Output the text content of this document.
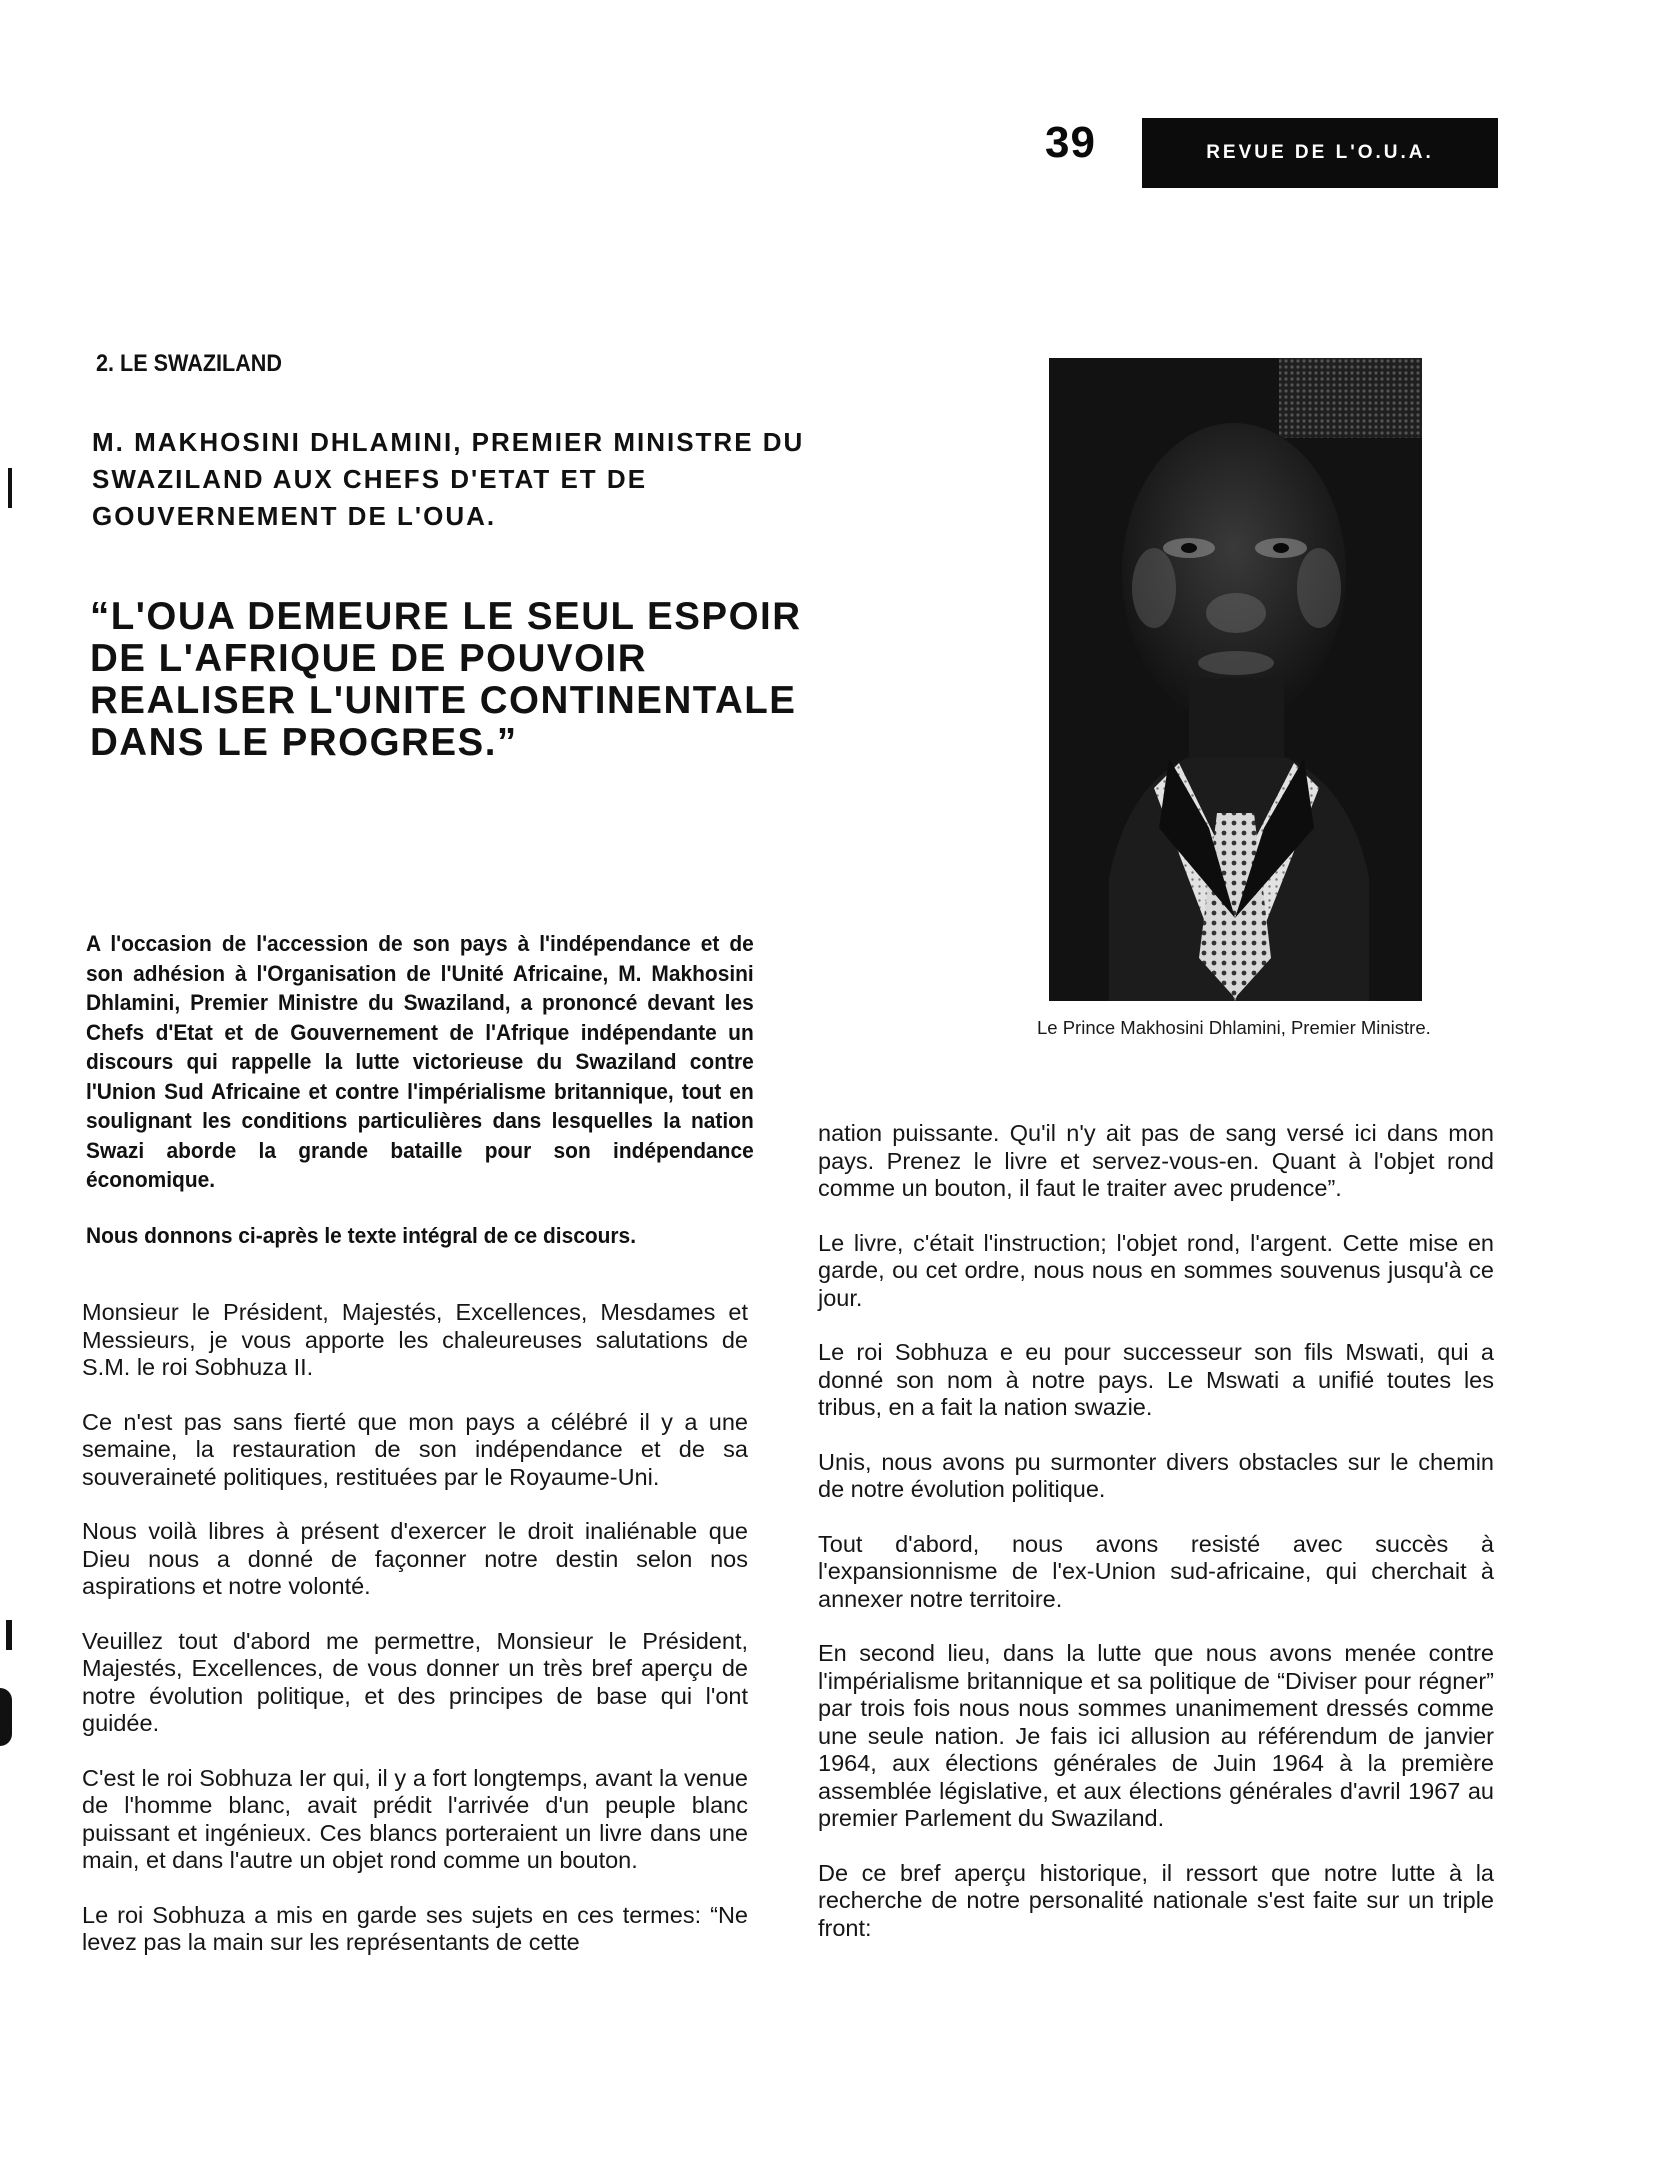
39	REVUE DE L'O.U.A.
2. LE SWAZILAND
M. MAKHOSINI DHLAMINI, PREMIER MINISTRE DU SWAZILAND AUX CHEFS D'ETAT ET DE GOUVERNEMENT DE L'OUA.
“L'OUA DEMEURE LE SEUL ESPOIR DE L'AFRIQUE DE POUVOIR REALISER L'UNITE CONTINENTALE DANS LE PROGRES.”

A l'occasion de l'accession de son pays à l'indépendance et de son adhésion à l'Organisation de l'Unité Africaine, M. Makhosini Dhlamini, Premier Ministre du Swaziland, a prononcé devant les Chefs d'Etat et de Gouvernement de l'Afrique indépendante un discours qui rappelle la lutte victorieuse du Swaziland contre l'Union Sud Africaine et contre l'impérialisme britannique, tout en soulignant les conditions particulières dans lesquelles la nation Swazi aborde la grande bataille pour son indépendance économique.

Nous donnons ci-après le texte intégral de ce discours.

Monsieur le Président, Majestés, Excellences, Mesdames et Messieurs, je vous apporte les chaleureuses salutations de S.M. le roi Sobhuza II.

Ce n'est pas sans fierté que mon pays a célébré il y a une semaine, la restauration de son indépendance et de sa souveraineté politiques, restituées par le Royaume-Uni.

Nous voilà libres à présent d'exercer le droit inaliénable que Dieu nous a donné de façonner notre destin selon nos aspirations et notre volonté.

Veuillez tout d'abord me permettre, Monsieur le Président, Majestés, Excellences, de vous donner un très bref aperçu de notre évolution politique, et des principes de base qui l'ont guidée.

C'est le roi Sobhuza Ier qui, il y a fort longtemps, avant la venue de l'homme blanc, avait prédit l'arrivée d'un peuple blanc puissant et ingénieux. Ces blancs porteraient un livre dans une main, et dans l'autre un objet rond comme un bouton.

Le roi Sobhuza a mis en garde ses sujets en ces termes: “Ne levez pas la main sur les représentants de cette

Le Prince Makhosini Dhlamini, Premier Ministre.

nation puissante. Qu'il n'y ait pas de sang versé ici dans mon pays. Prenez le livre et servez-vous-en. Quant à l'objet rond comme un bouton, il faut le traiter avec prudence”.

Le livre, c'était l'instruction; l'objet rond, l'argent. Cette mise en garde, ou cet ordre, nous nous en sommes souvenus jusqu'à ce jour.

Le roi Sobhuza e eu pour successeur son fils Mswati, qui a donné son nom à notre pays. Le Mswati a unifié toutes les tribus, en a fait la nation swazie.

Unis, nous avons pu surmonter divers obstacles sur le chemin de notre évolution politique.

Tout d'abord, nous avons resisté avec succès à l'expansionnisme de l'ex-Union sud-africaine, qui cherchait à annexer notre territoire.

En second lieu, dans la lutte que nous avons menée contre l'impérialisme britannique et sa politique de “Diviser pour régner” par trois fois nous nous sommes unanimement dressés comme une seule nation. Je fais ici allusion au référendum de janvier 1964, aux élections générales de Juin 1964 à la première assemblée législative, et aux élections générales d'avril 1967 au premier Parlement du Swaziland.

De ce bref aperçu historique, il ressort que notre lutte à la recherche de notre personalité nationale s'est faite sur un triple front:
